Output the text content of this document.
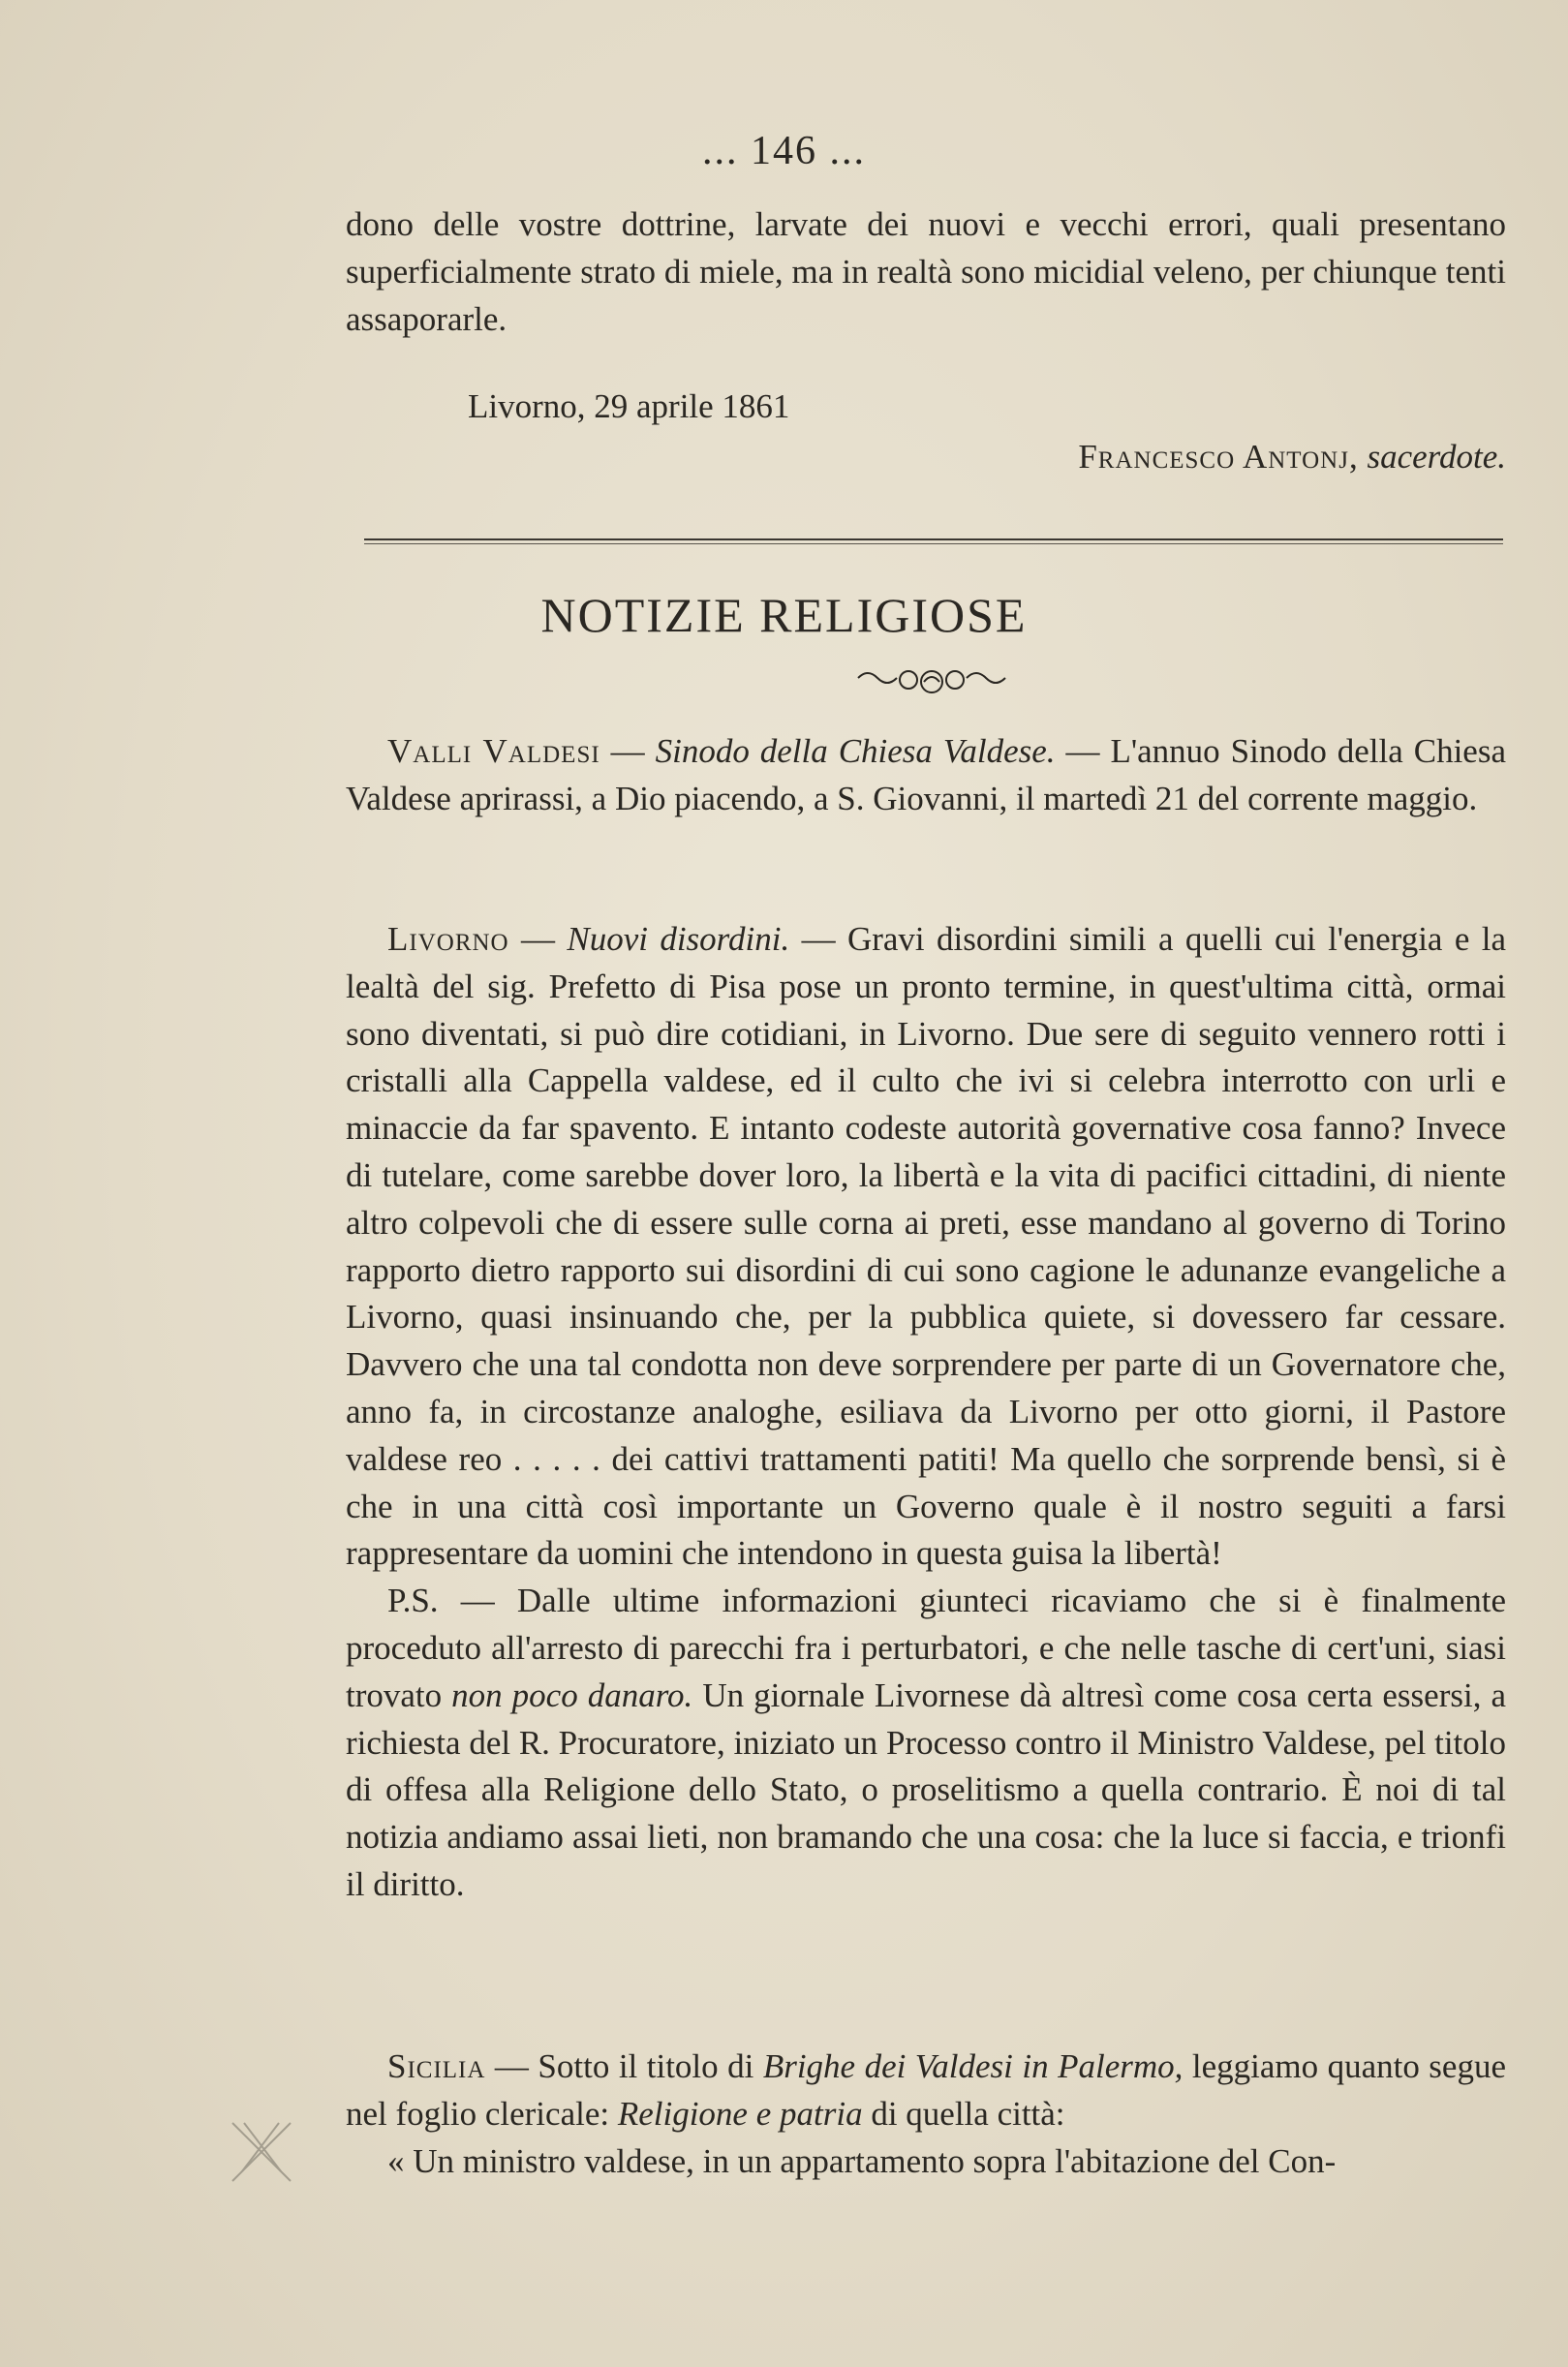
... 146 ...

dono delle vostre dottrine, larvate dei nuovi e vecchi errori, quali presentano superficialmente strato di miele, ma in realtà sono micidial veleno, per chiunque tenti assaporarle.

Livorno, 29 aprile 1861
Francesco Antonj, sacerdote.
NOTIZIE RELIGIOSE

Valli Valdesi — Sinodo della Chiesa Valdese. — L'annuo Sinodo della Chiesa Valdese aprirassi, a Dio piacendo, a S. Giovanni, il martedì 21 del corrente maggio.

Livorno — Nuovi disordini. — Gravi disordini simili a quelli cui l'energia e la lealtà del sig. Prefetto di Pisa pose un pronto termine, in quest'ultima città, ormai sono diventati, si può dire cotidiani, in Livorno. Due sere di seguito vennero rotti i cristalli alla Cappella valdese, ed il culto che ivi si celebra interrotto con urli e minaccie da far spavento. E intanto codeste autorità governative cosa fanno? Invece di tutelare, come sarebbe dover loro, la libertà e la vita di pacifici cittadini, di niente altro colpevoli che di essere sulle corna ai preti, esse mandano al governo di Torino rapporto dietro rapporto sui disordini di cui sono cagione le adunanze evangeliche a Livorno, quasi insinuando che, per la pubblica quiete, si dovessero far cessare. Davvero che una tal condotta non deve sorprendere per parte di un Governatore che, anno fa, in circostanze analoghe, esiliava da Livorno per otto giorni, il Pastore valdese reo . . . . . dei cattivi trattamenti patiti! Ma quello che sorprende bensì, si è che in una città così importante un Governo quale è il nostro seguiti a farsi rappresentare da uomini che intendono in questa guisa la libertà!

P.S. — Dalle ultime informazioni giunteci ricaviamo che si è finalmente proceduto all'arresto di parecchi fra i perturbatori, e che nelle tasche di cert'uni, siasi trovato non poco danaro. Un giornale Livornese dà altresì come cosa certa essersi, a richiesta del R. Procuratore, iniziato un Processo contro il Ministro Valdese, pel titolo di offesa alla Religione dello Stato, o proselitismo a quella contrario. È noi di tal notizia andiamo assai lieti, non bramando che una cosa: che la luce si faccia, e trionfi il diritto.

Sicilia — Sotto il titolo di Brighe dei Valdesi in Palermo, leggiamo quanto segue nel foglio clericale: Religione e patria di quella città:

« Un ministro valdese, in un appartamento sopra l'abitazione del Con-
